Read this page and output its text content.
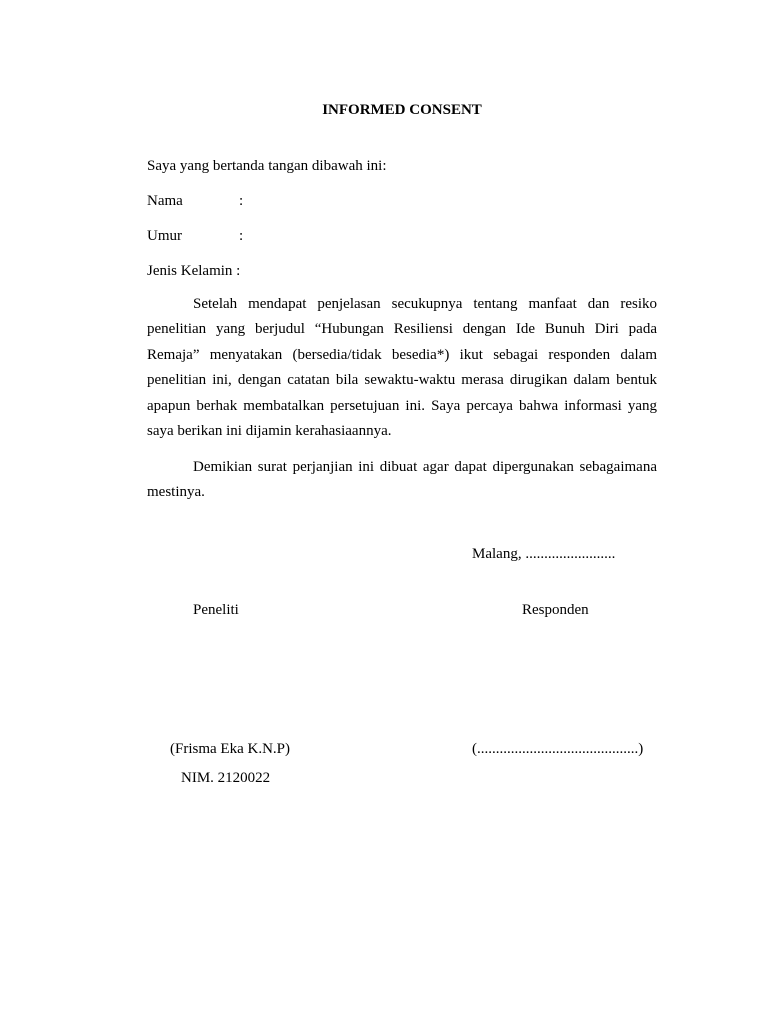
INFORMED CONSENT
Saya yang bertanda tangan dibawah ini:
Nama	:
Umur	:
Jenis Kelamin :

Setelah mendapat penjelasan secukupnya tentang manfaat dan resiko penelitian yang berjudul “Hubungan Resiliensi dengan Ide Bunuh Diri pada Remaja” menyatakan (bersedia/tidak besedia*) ikut sebagai responden dalam penelitian ini, dengan catatan bila sewaktu-waktu merasa dirugikan dalam bentuk apapun berhak membatalkan persetujuan ini. Saya percaya bahwa informasi yang saya berikan ini dijamin kerahasiaannya.

Demikian surat perjanjian ini dibuat agar dapat dipergunakan sebagaimana mestinya.

Malang, ........................
Peneliti	Responden
(Frisma Eka K.N.P)	(...........................................)
NIM. 2120022
